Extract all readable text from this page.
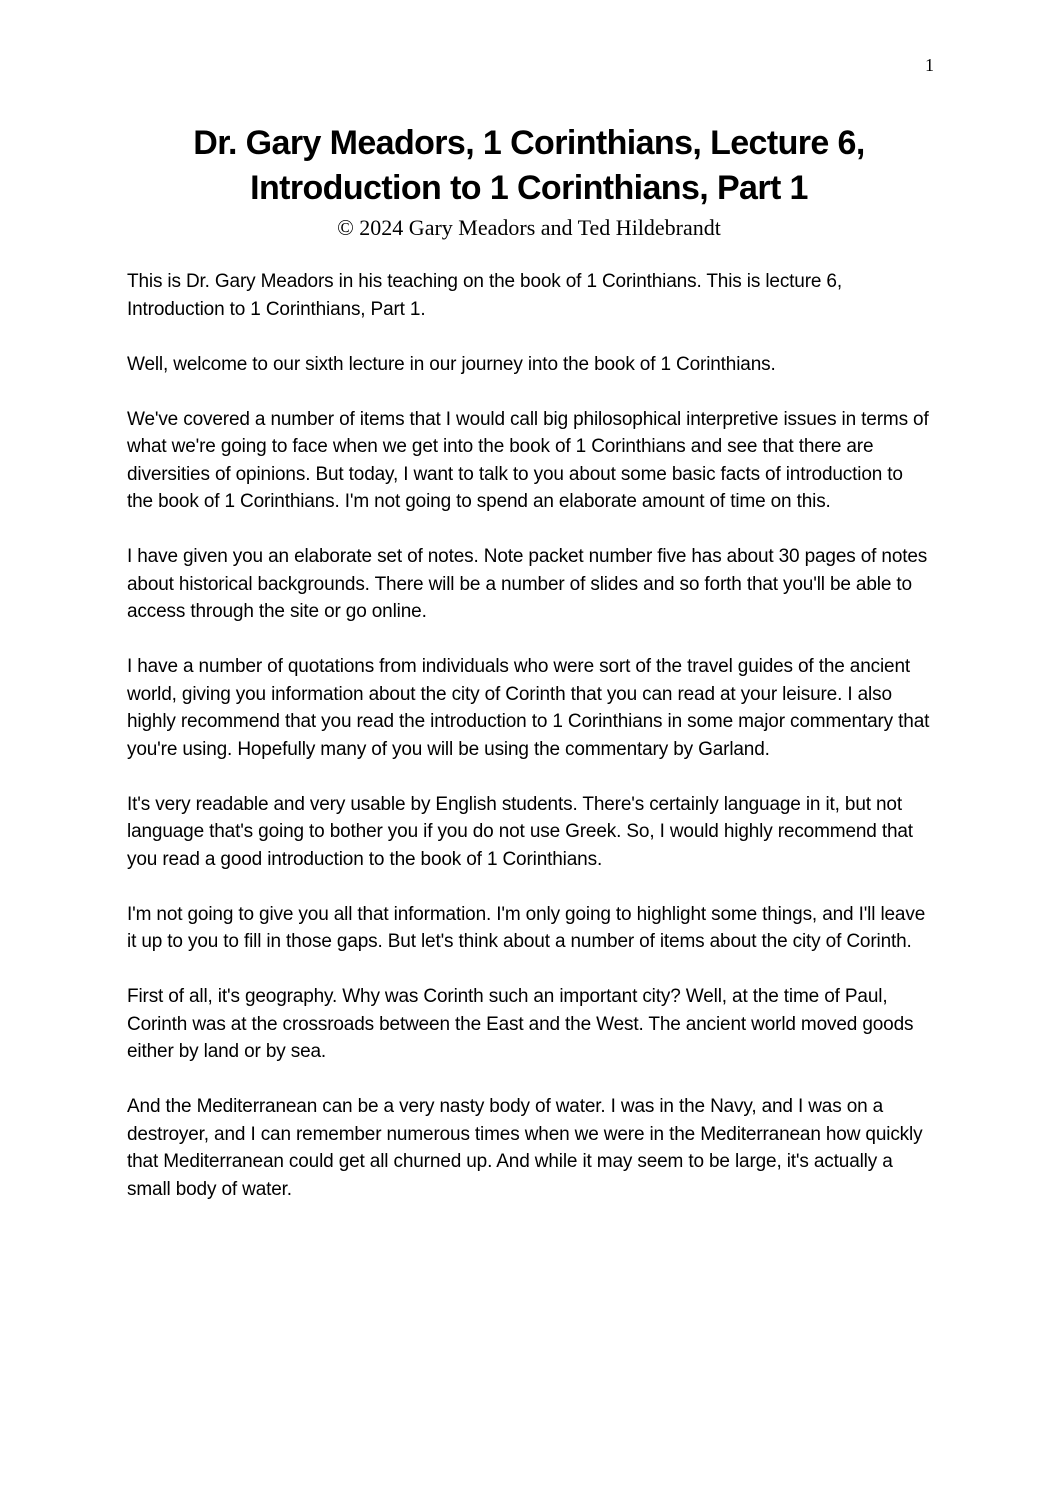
1
Dr. Gary Meadors, 1 Corinthians, Lecture 6,
Introduction to 1 Corinthians, Part 1
© 2024 Gary Meadors and Ted Hildebrandt

This is Dr. Gary Meadors in his teaching on the book of 1 Corinthians. This is lecture 6, Introduction to 1 Corinthians, Part 1.

Well, welcome to our sixth lecture in our journey into the book of 1 Corinthians.

We've covered a number of items that I would call big philosophical interpretive issues in terms of what we're going to face when we get into the book of 1 Corinthians and see that there are diversities of opinions. But today, I want to talk to you about some basic facts of introduction to the book of 1 Corinthians. I'm not going to spend an elaborate amount of time on this.

I have given you an elaborate set of notes. Note packet number five has about 30 pages of notes about historical backgrounds. There will be a number of slides and so forth that you'll be able to access through the site or go online.

I have a number of quotations from individuals who were sort of the travel guides of the ancient world, giving you information about the city of Corinth that you can read at your leisure. I also highly recommend that you read the introduction to 1 Corinthians in some major commentary that you're using. Hopefully many of you will be using the commentary by Garland.

It's very readable and very usable by English students. There's certainly language in it, but not language that's going to bother you if you do not use Greek. So, I would highly recommend that you read a good introduction to the book of 1 Corinthians.

I'm not going to give you all that information. I'm only going to highlight some things, and I'll leave it up to you to fill in those gaps. But let's think about a number of items about the city of Corinth.

First of all, it's geography. Why was Corinth such an important city? Well, at the time of Paul, Corinth was at the crossroads between the East and the West. The ancient world moved goods either by land or by sea.

And the Mediterranean can be a very nasty body of water. I was in the Navy, and I was on a destroyer, and I can remember numerous times when we were in the Mediterranean how quickly that Mediterranean could get all churned up. And while it may seem to be large, it's actually a small body of water.
